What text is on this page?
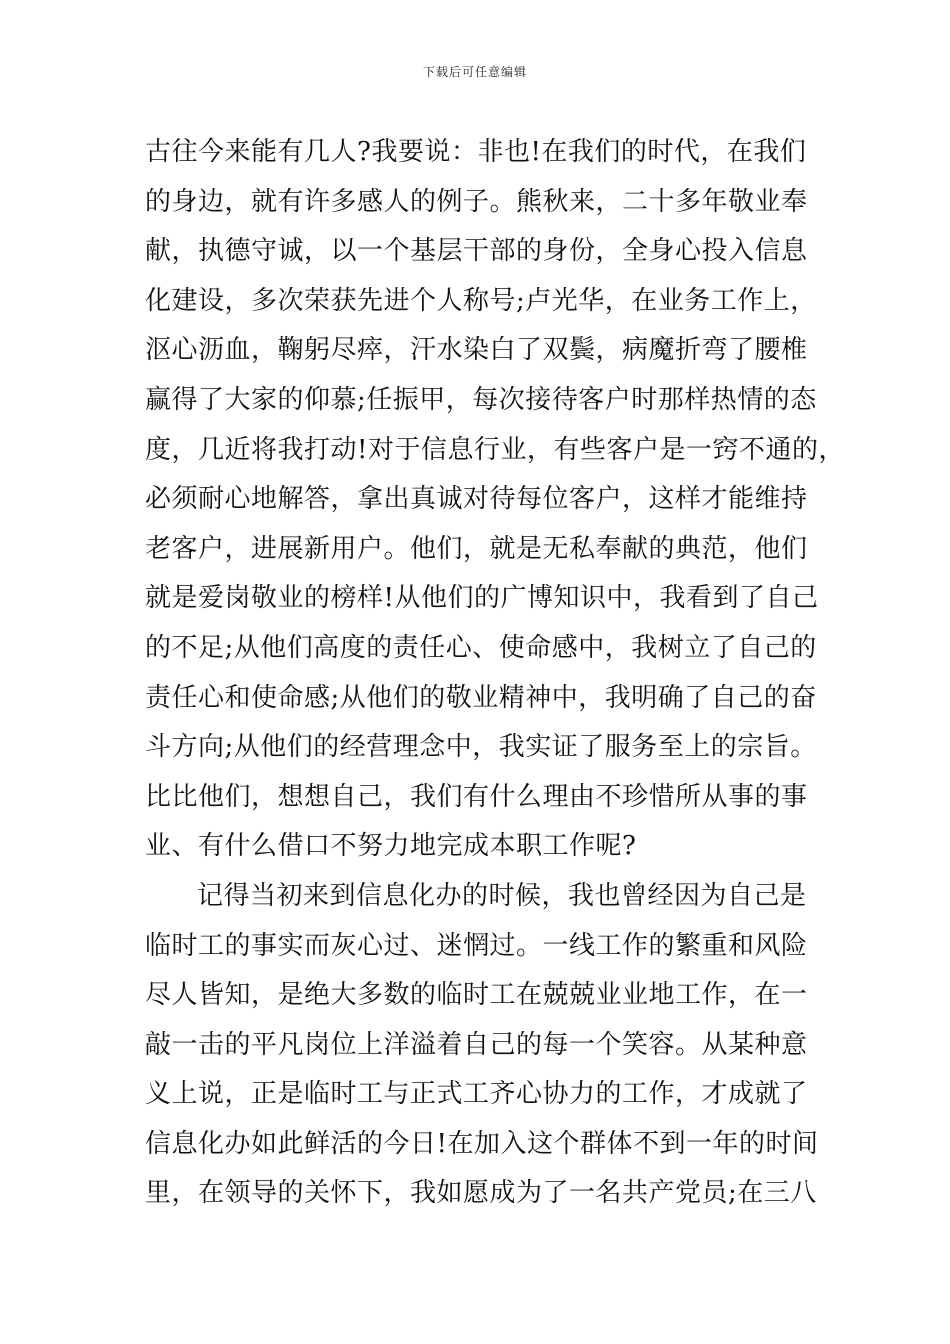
下载后可任意编辑
古往今来能有几人?我要说：非也!在我们的时代，在我们
的身边，就有许多感人的例子。熊秋来，二十多年敬业奉
献，执德守诚，以一个基层干部的身份，全身心投入信息
化建设，多次荣获先进个人称号;卢光华，在业务工作上，
沤心沥血，鞠躬尽瘁，汗水染白了双鬓，病魔折弯了腰椎
赢得了大家的仰慕;任振甲，每次接待客户时那样热情的态
度，几近将我打动!对于信息行业，有些客户是一窍不通的，
必须耐心地解答，拿出真诚对待每位客户，这样才能维持
老客户，进展新用户。他们，就是无私奉献的典范，他们
就是爱岗敬业的榜样!从他们的广博知识中，我看到了自己
的不足;从他们高度的责任心、使命感中，我树立了自己的
责任心和使命感;从他们的敬业精神中，我明确了自己的奋
斗方向;从他们的经营理念中，我实证了服务至上的宗旨。
比比他们，想想自己，我们有什么理由不珍惜所从事的事
业、有什么借口不努力地完成本职工作呢?
记得当初来到信息化办的时候，我也曾经因为自己是
临时工的事实而灰心过、迷惘过。一线工作的繁重和风险
尽人皆知，是绝大多数的临时工在兢兢业业地工作，在一
敲一击的平凡岗位上洋溢着自己的每一个笑容。从某种意
义上说，正是临时工与正式工齐心协力的工作，才成就了
信息化办如此鲜活的今日!在加入这个群体不到一年的时间
里，在领导的关怀下，我如愿成为了一名共产党员;在三八
